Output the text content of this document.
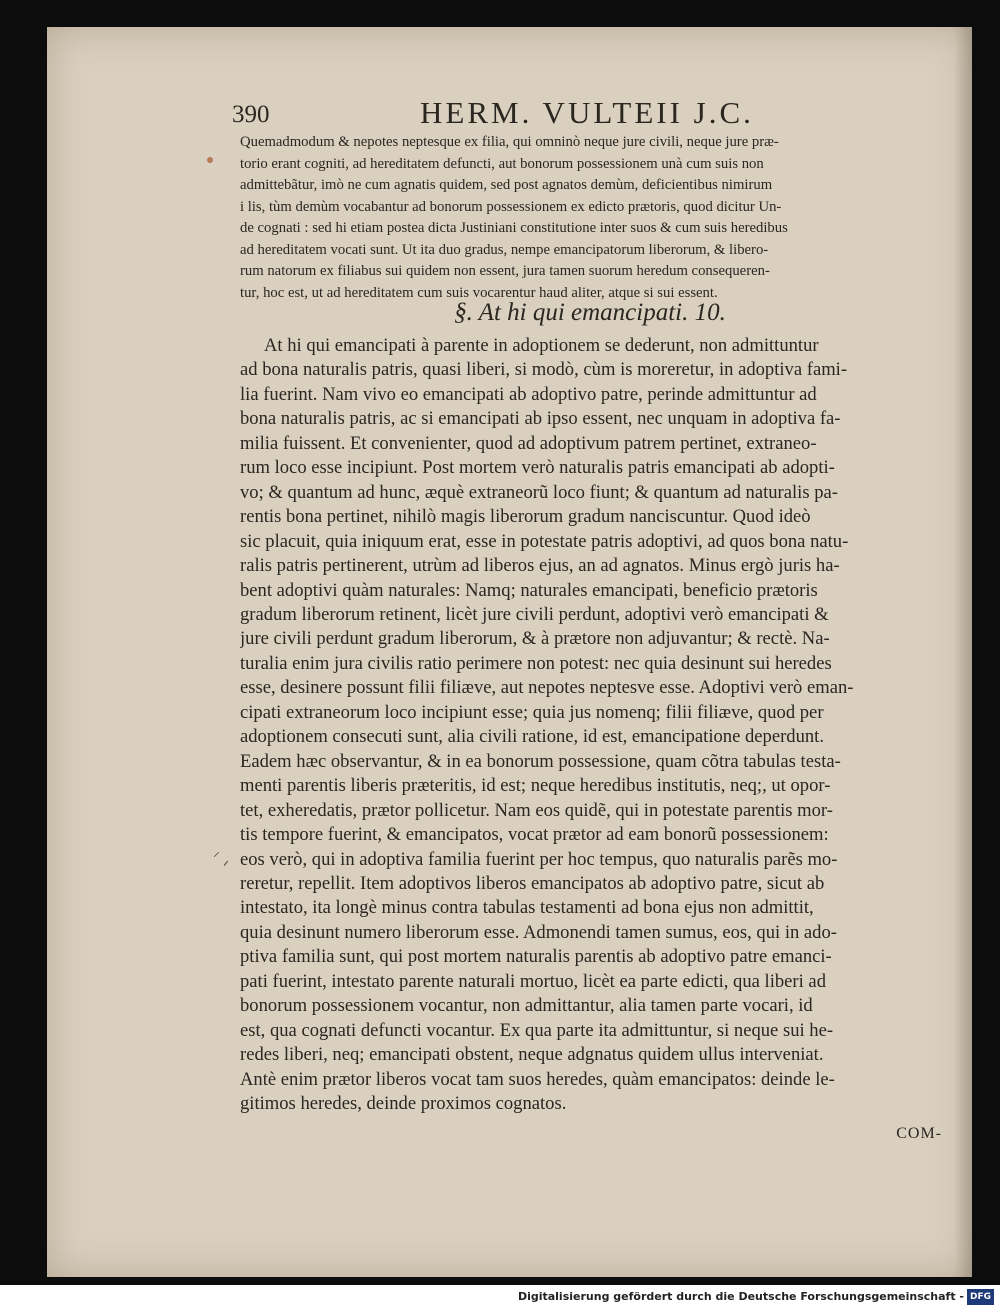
390	HERM. VULTEII J.C.
Quemadmodum & nepotes neptesque ex filia, qui omninò neque jure civili, neque jure præ-
torio erant cogniti, ad hereditatem defuncti, aut bonorum possessionem unà cum suis non
admittebãtur, imò ne cum agnatis quidem, sed post agnatos demùm, deficientibus nimirum
i lis, tùm demùm vocabantur ad bonorum possessionem ex edicto prætoris, quod dicitur Un-
de cognati : sed hi etiam postea dicta Justiniani constitutione inter suos & cum suis heredibus
ad hereditatem vocati sunt. Ut ita duo gradus, nempe emancipatorum liberorum, & libero-
rum natorum ex filiabus sui quidem non essent, jura tamen suorum heredum consequeren-
tur, hoc est, ut ad hereditatem cum suis vocarentur haud aliter, atque si sui essent.
§. At hi qui emancipati. 10.
At hi qui emancipati à parente in adoptionem se dederunt, non admittuntur
ad bona naturalis patris, quasi liberi, si modò, cùm is moreretur, in adoptiva fami-
lia fuerint. Nam vivo eo emancipati ab adoptivo patre, perinde admittuntur ad
bona naturalis patris, ac si emancipati ab ipso essent, nec unquam in adoptiva fa-
milia fuissent. Et convenienter, quod ad adoptivum patrem pertinet, extraneo-
rum loco esse incipiunt. Post mortem verò naturalis patris emancipati ab adopti-
vo; & quantum ad hunc, æquè extraneorũ loco fiunt; & quantum ad naturalis pa-
rentis bona pertinet, nihilò magis liberorum gradum nanciscuntur. Quod ideò
sic placuit, quia iniquum erat, esse in potestate patris adoptivi, ad quos bona natu-
ralis patris pertinerent, utrùm ad liberos ejus, an ad agnatos. Minus ergò juris ha-
bent adoptivi quàm naturales: Namq; naturales emancipati, beneficio prætoris
gradum liberorum retinent, licèt jure civili perdunt, adoptivi verò emancipati &
jure civili perdunt gradum liberorum, & à prætore non adjuvantur; & rectè. Na-
turalia enim jura civilis ratio perimere non potest: nec quia desinunt sui heredes
esse, desinere possunt filii filiæve, aut nepotes neptesve esse. Adoptivi verò eman-
cipati extraneorum loco incipiunt esse; quia jus nomenq; filii filiæve, quod per
adoptionem consecuti sunt, alia civili ratione, id est, emancipatione deperdunt.
Eadem hæc observantur, & in ea bonorum possessione, quam cõtra tabulas testa-
menti parentis liberis præteritis, id est; neque heredibus institutis, neq;, ut opor-
tet, exheredatis, prætor pollicetur. Nam eos quidẽ, qui in potestate parentis mor-
tis tempore fuerint, & emancipatos, vocat prætor ad eam bonorũ possessionem:
eos verò, qui in adoptiva familia fuerint per hoc tempus, quo naturalis parẽs mo-
reretur, repellit. Item adoptivos liberos emancipatos ab adoptivo patre, sicut ab
intestato, ita longè minus contra tabulas testamenti ad bona ejus non admittit,
quia desinunt numero liberorum esse. Admonendi tamen sumus, eos, qui in ado-
ptiva familia sunt, qui post mortem naturalis parentis ab adoptivo patre emanci-
pati fuerint, intestato parente naturali mortuo, licèt ea parte edicti, qua liberi ad
bonorum possessionem vocantur, non admittantur, alia tamen parte vocari, id
est, qua cognati defuncti vocantur. Ex qua parte ita admittuntur, si neque sui he-
redes liberi, neq; emancipati obstent, neque adgnatus quidem ullus interveniat.
Antè enim prætor liberos vocat tam suos heredes, quàm emancipatos: deinde le-
gitimos heredes, deinde proximos cognatos.
COM-
⸝
ᐟ
Digitalisierung gefördert durch die Deutsche Forschungsgemeinschaft - DFG
